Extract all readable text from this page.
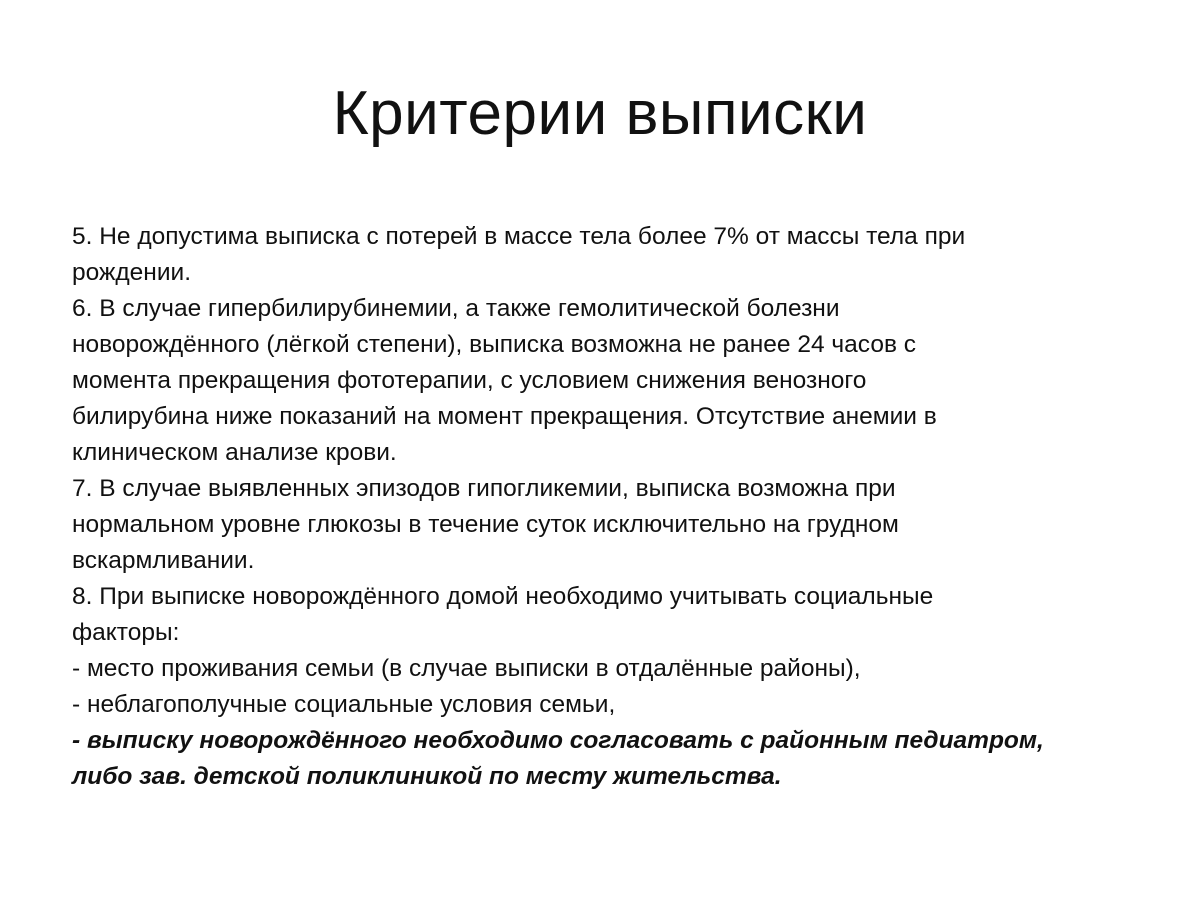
Критерии выписки
5. Не допустима выписка с потерей в массе тела более 7% от массы тела при
рождении.
6. В случае гипербилирубинемии, а также гемолитической болезни
новорождённого (лёгкой степени), выписка возможна не ранее 24 часов с
момента прекращения фототерапии, с условием снижения венозного
билирубина ниже показаний на момент прекращения. Отсутствие анемии в
клиническом анализе крови.
7. В случае выявленных эпизодов гипогликемии, выписка возможна при
нормальном уровне глюкозы в течение суток исключительно на грудном
вскармливании.
8. При выписке новорождённого домой необходимо учитывать социальные
факторы:
- место проживания семьи (в случае выписки в отдалённые районы),
- неблагополучные социальные условия семьи,
- выписку новорождённого необходимо согласовать с районным педиатром,
либо зав. детской поликлиникой по месту жительства.
